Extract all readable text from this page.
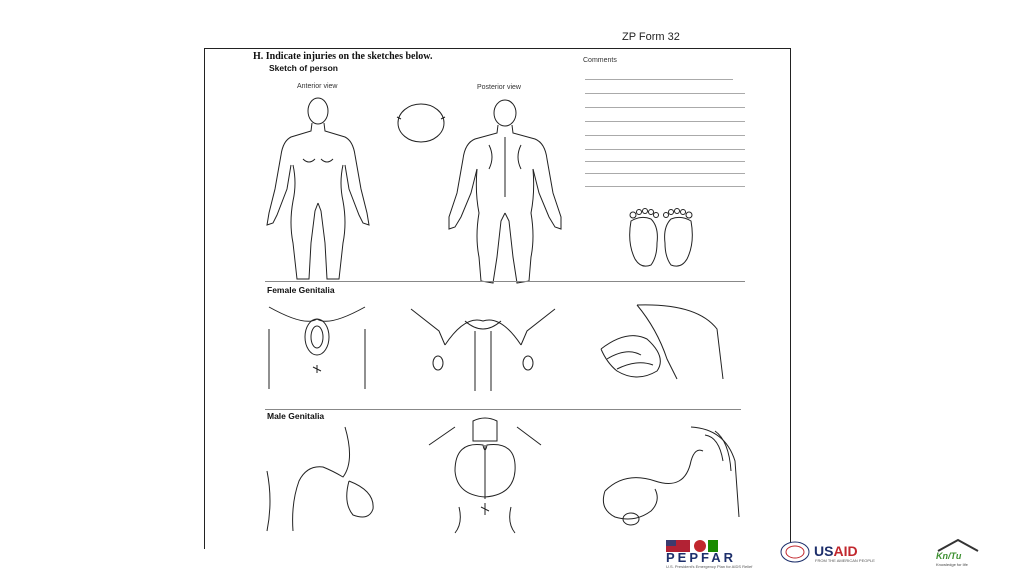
ZP Form 32
H. Indicate injuries on the sketches below.
Sketch of person
Anterior view	Posterior view
Comments
Female Genitalia
Male Genitalia
PEPFAR
U.S. President's Emergency Plan for AIDS Relief
USAID
FROM THE AMERICAN PEOPLE	Kn/Tu
Knowledge for life
